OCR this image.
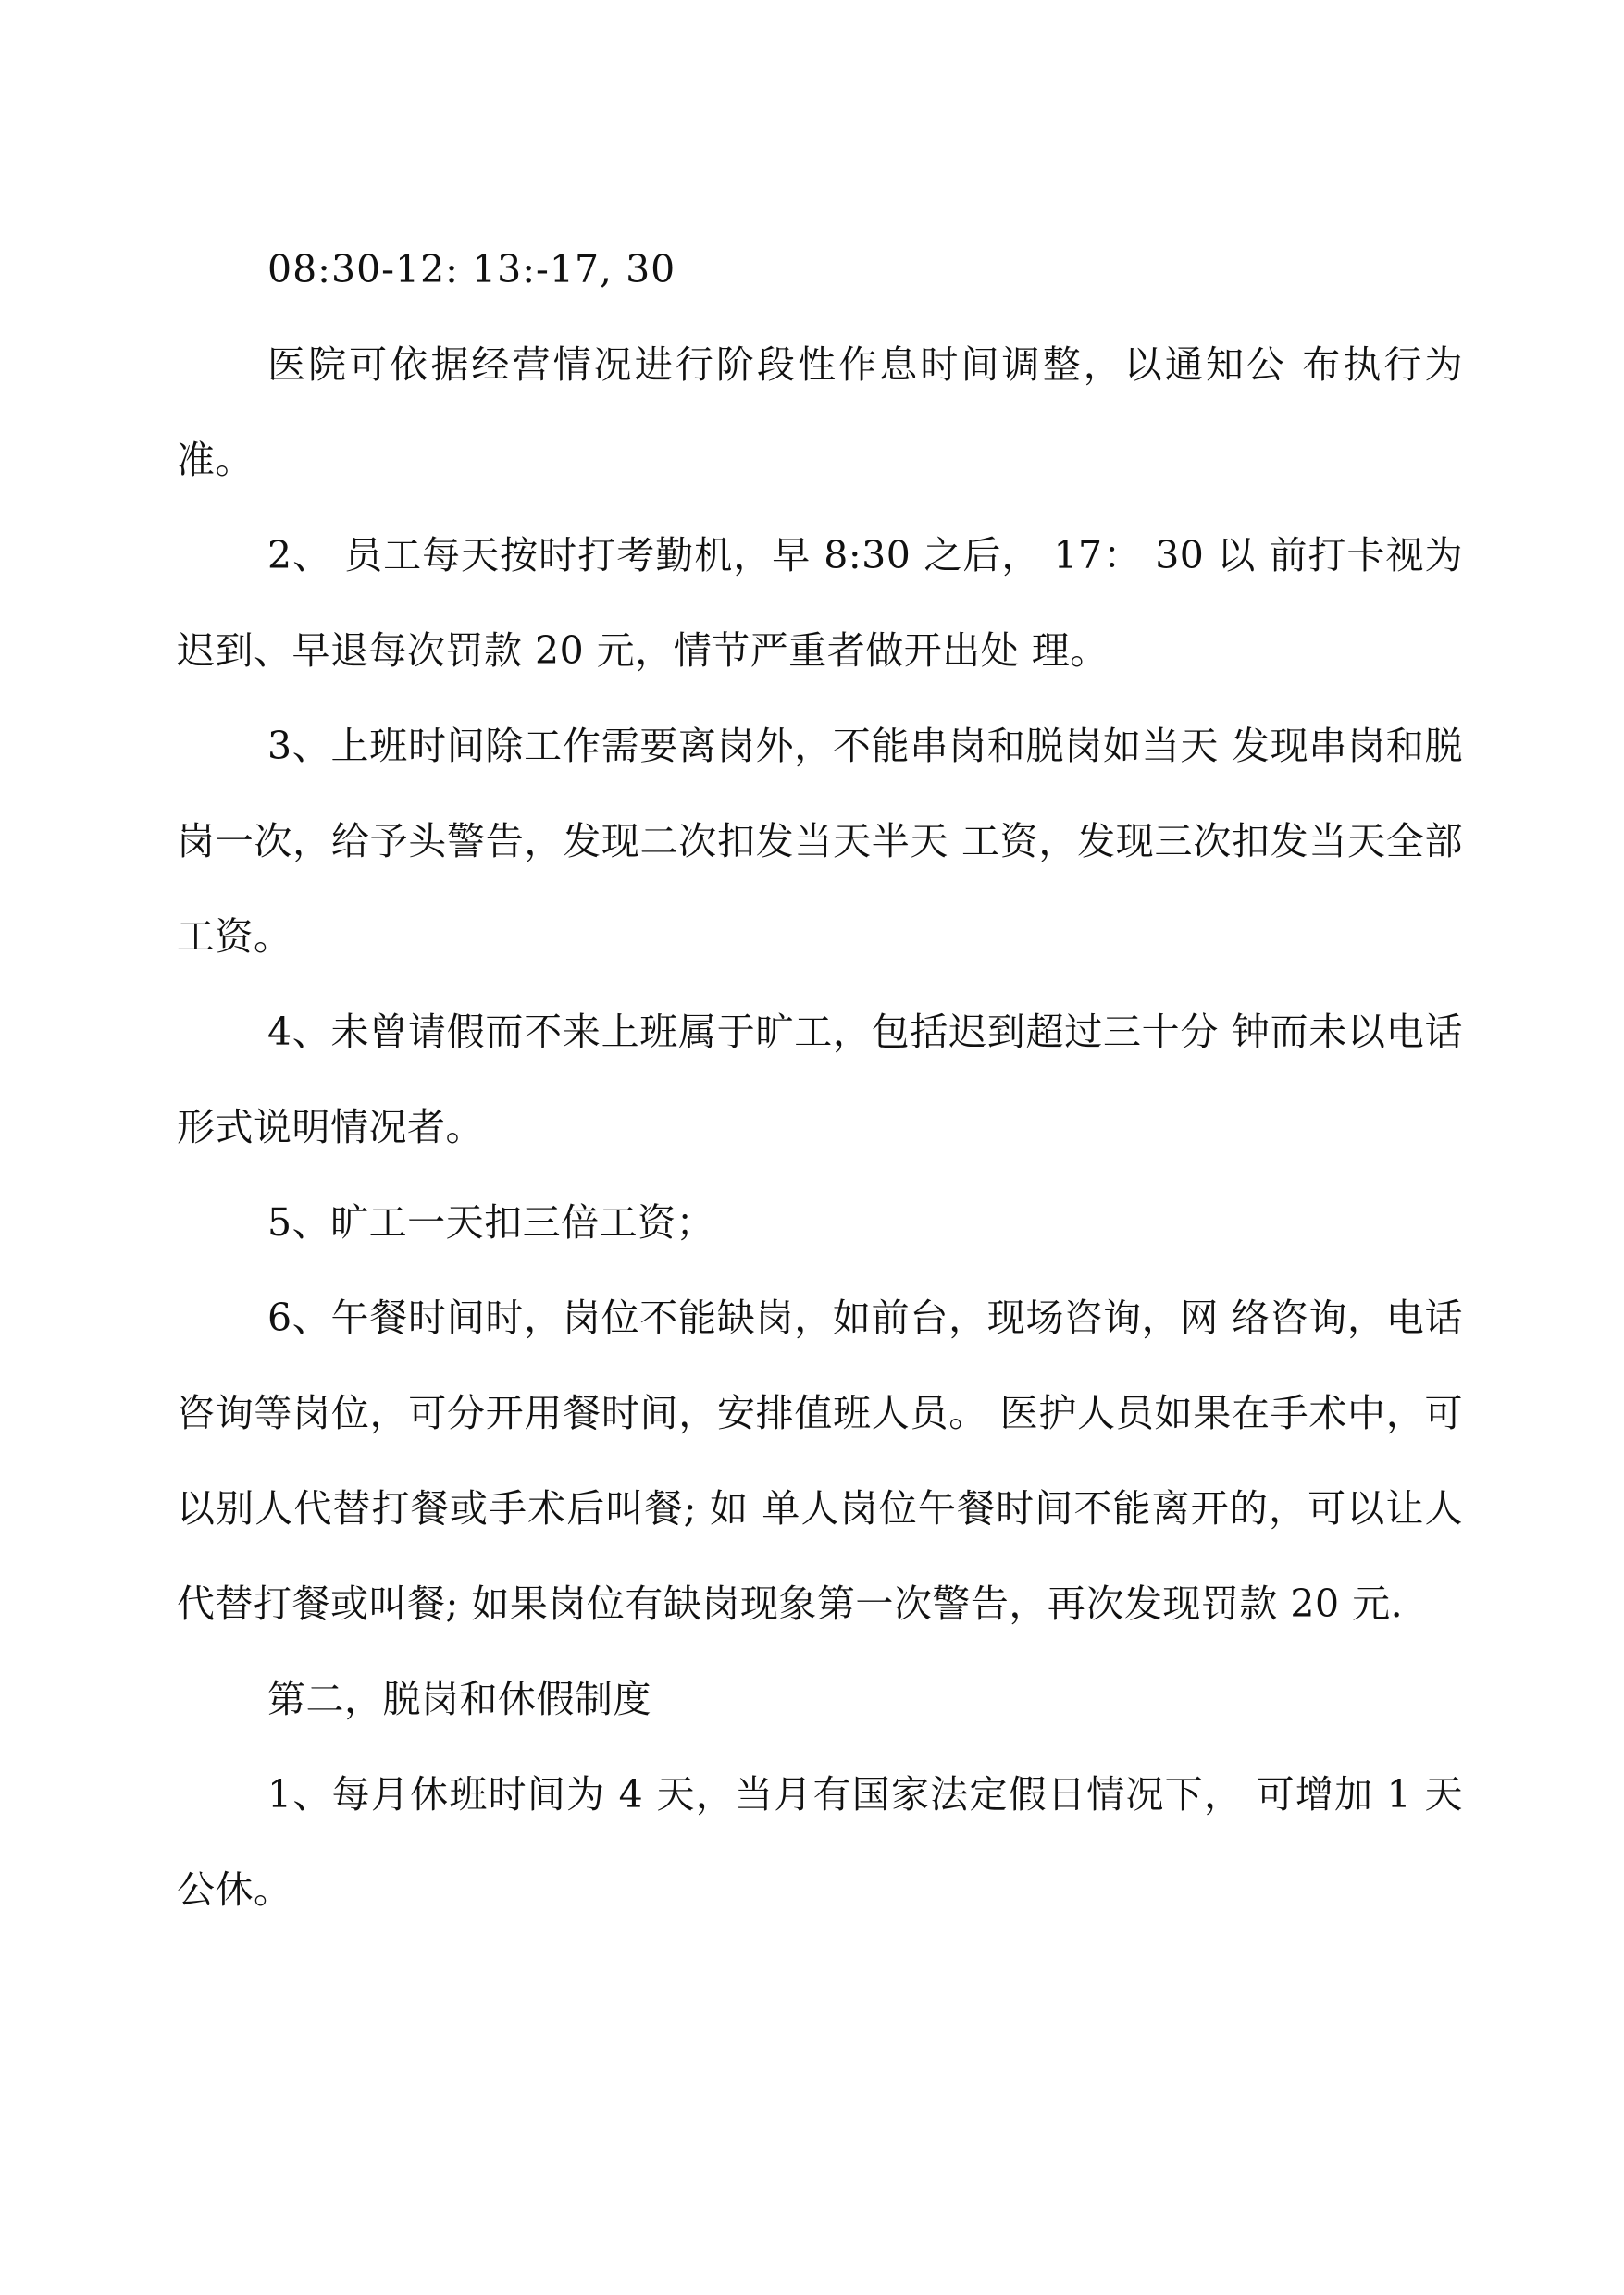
08:30-12: 13:-17, 30

医院可依据经营情况进行阶段性作息时间调整，以通知公 布执行为准。

2、 员工每天按时打考勤机，早 8:30 之后， 17： 30 以 前打卡视为迟到、早退每次罚款 20 元，情节严重者做开出处 理。

3、上班时间除工作需要离岗外，不能串岗和脱岗如当天 发现串岗和脱岗一次，给予头警告，发现二次扣发当天半天 工资，发现三次扣发当天全部工资。

4、未曾请假而不来上班属于旷工，包括迟到超过三十分 钟而未以电话形式说明情况者。

5、旷工一天扣三倍工资；

6、午餐时间时，岗位不能缺岗，如前台，现场咨询，网 络咨询，电话咨询等岗位，可分开用餐时间，安排值班人员。 医护人员如果在手术中，可以别人代替打餐或手术后叫餐; 如 单人岗位午餐时间不能离开的，可以让人代替打餐或叫餐; 如果岗位有缺岗现象第一次警告，再次发现罚款 20 元.

第二，脱岗和休假制度

1、每月休班时间为 4 天，当月有国家法定假日情况下， 可增加 1 天公休。
